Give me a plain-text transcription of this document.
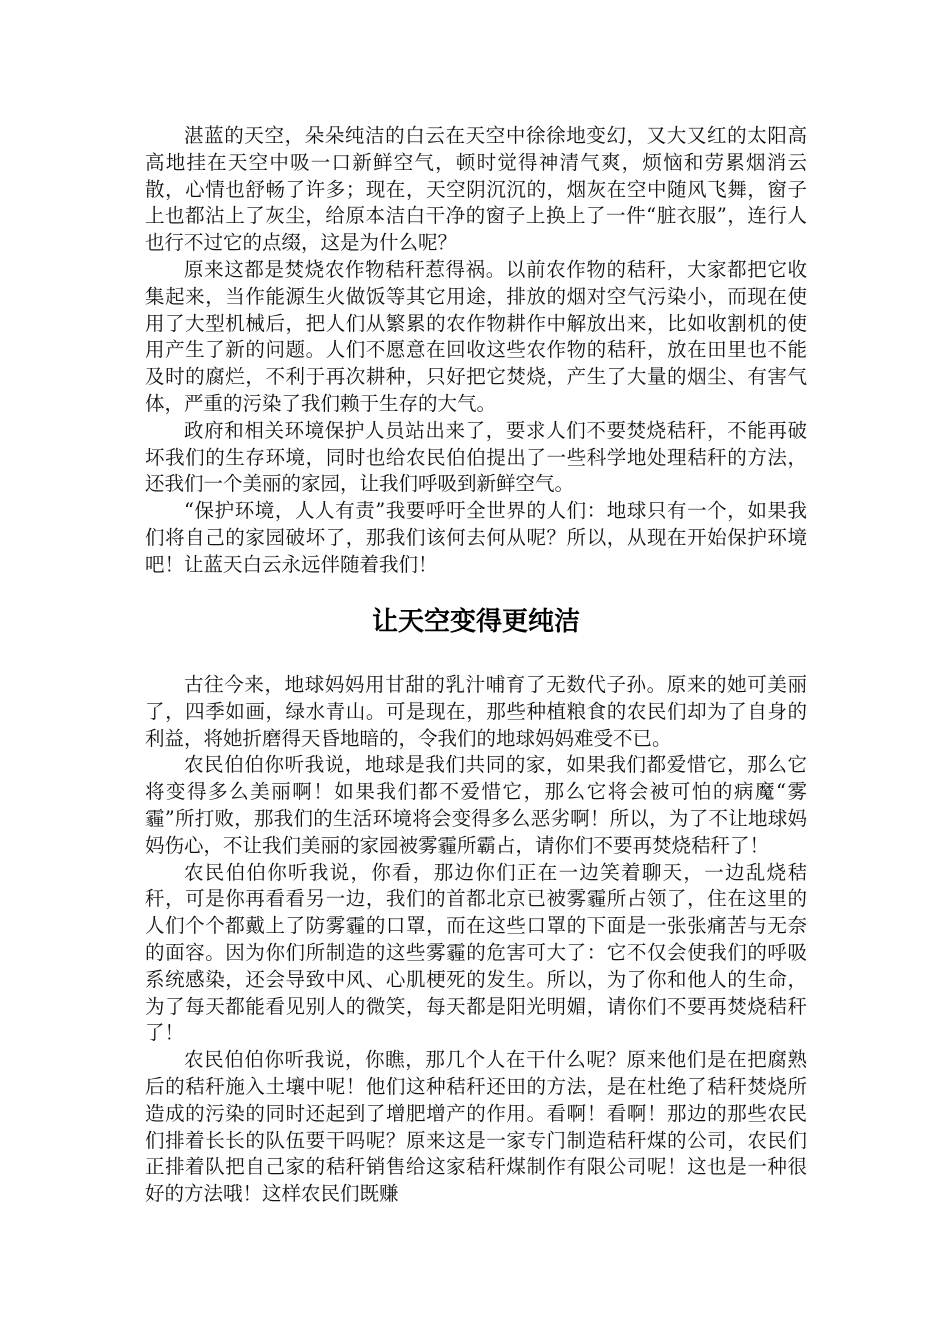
湛蓝的天空，朵朵纯洁的白云在天空中徐徐地变幻，又大又红的太阳高高地挂在天空中吸一口新鲜空气，顿时觉得神清气爽，烦恼和劳累烟消云散，心情也舒畅了许多；现在，天空阴沉沉的，烟灰在空中随风飞舞，窗子上也都沾上了灰尘，给原本洁白干净的窗子上换上了一件“脏衣服”，连行人也行不过它的点缀，这是为什么呢？

原来这都是焚烧农作物秸秆惹得祸。以前农作物的秸秆，大家都把它收集起来，当作能源生火做饭等其它用途，排放的烟对空气污染小，而现在使用了大型机械后，把人们从繁累的农作物耕作中解放出来，比如收割机的使用产生了新的问题。人们不愿意在回收这些农作物的秸秆，放在田里也不能及时的腐烂，不利于再次耕种，只好把它焚烧，产生了大量的烟尘、有害气体，严重的污染了我们赖于生存的大气。

政府和相关环境保护人员站出来了，要求人们不要焚烧秸秆，不能再破坏我们的生存环境，同时也给农民伯伯提出了一些科学地处理秸秆的方法，还我们一个美丽的家园，让我们呼吸到新鲜空气。

“保护环境，人人有责”我要呼吁全世界的人们：地球只有一个，如果我们将自己的家园破坏了，那我们该何去何从呢？所以，从现在开始保护环境吧！让蓝天白云永远伴随着我们！

让天空变得更纯洁

古往今来，地球妈妈用甘甜的乳汁哺育了无数代子孙。原来的她可美丽了，四季如画，绿水青山。可是现在，那些种植粮食的农民们却为了自身的利益，将她折磨得天昏地暗的，令我们的地球妈妈难受不已。

农民伯伯你听我说，地球是我们共同的家，如果我们都爱惜它，那么它将变得多么美丽啊！如果我们都不爱惜它，那么它将会被可怕的病魔“雾霾”所打败，那我们的生活环境将会变得多么恶劣啊！所以，为了不让地球妈妈伤心，不让我们美丽的家园被雾霾所霸占，请你们不要再焚烧秸秆了！

农民伯伯你听我说，你看，那边你们正在一边笑着聊天，一边乱烧秸秆，可是你再看看另一边，我们的首都北京已被雾霾所占领了，住在这里的人们个个都戴上了防雾霾的口罩，而在这些口罩的下面是一张张痛苦与无奈的面容。因为你们所制造的这些雾霾的危害可大了：它不仅会使我们的呼吸系统感染，还会导致中风、心肌梗死的发生。所以，为了你和他人的生命，为了每天都能看见别人的微笑，每天都是阳光明媚，请你们不要再焚烧秸秆了！

农民伯伯你听我说，你瞧，那几个人在干什么呢？原来他们是在把腐熟后的秸秆施入土壤中呢！他们这种秸秆还田的方法，是在杜绝了秸秆焚烧所造成的污染的同时还起到了增肥增产的作用。看啊！看啊！那边的那些农民们排着长长的队伍要干吗呢？原来这是一家专门制造秸秆煤的公司，农民们正排着队把自己家的秸秆销售给这家秸秆煤制作有限公司呢！这也是一种很好的方法哦！这样农民们既赚
